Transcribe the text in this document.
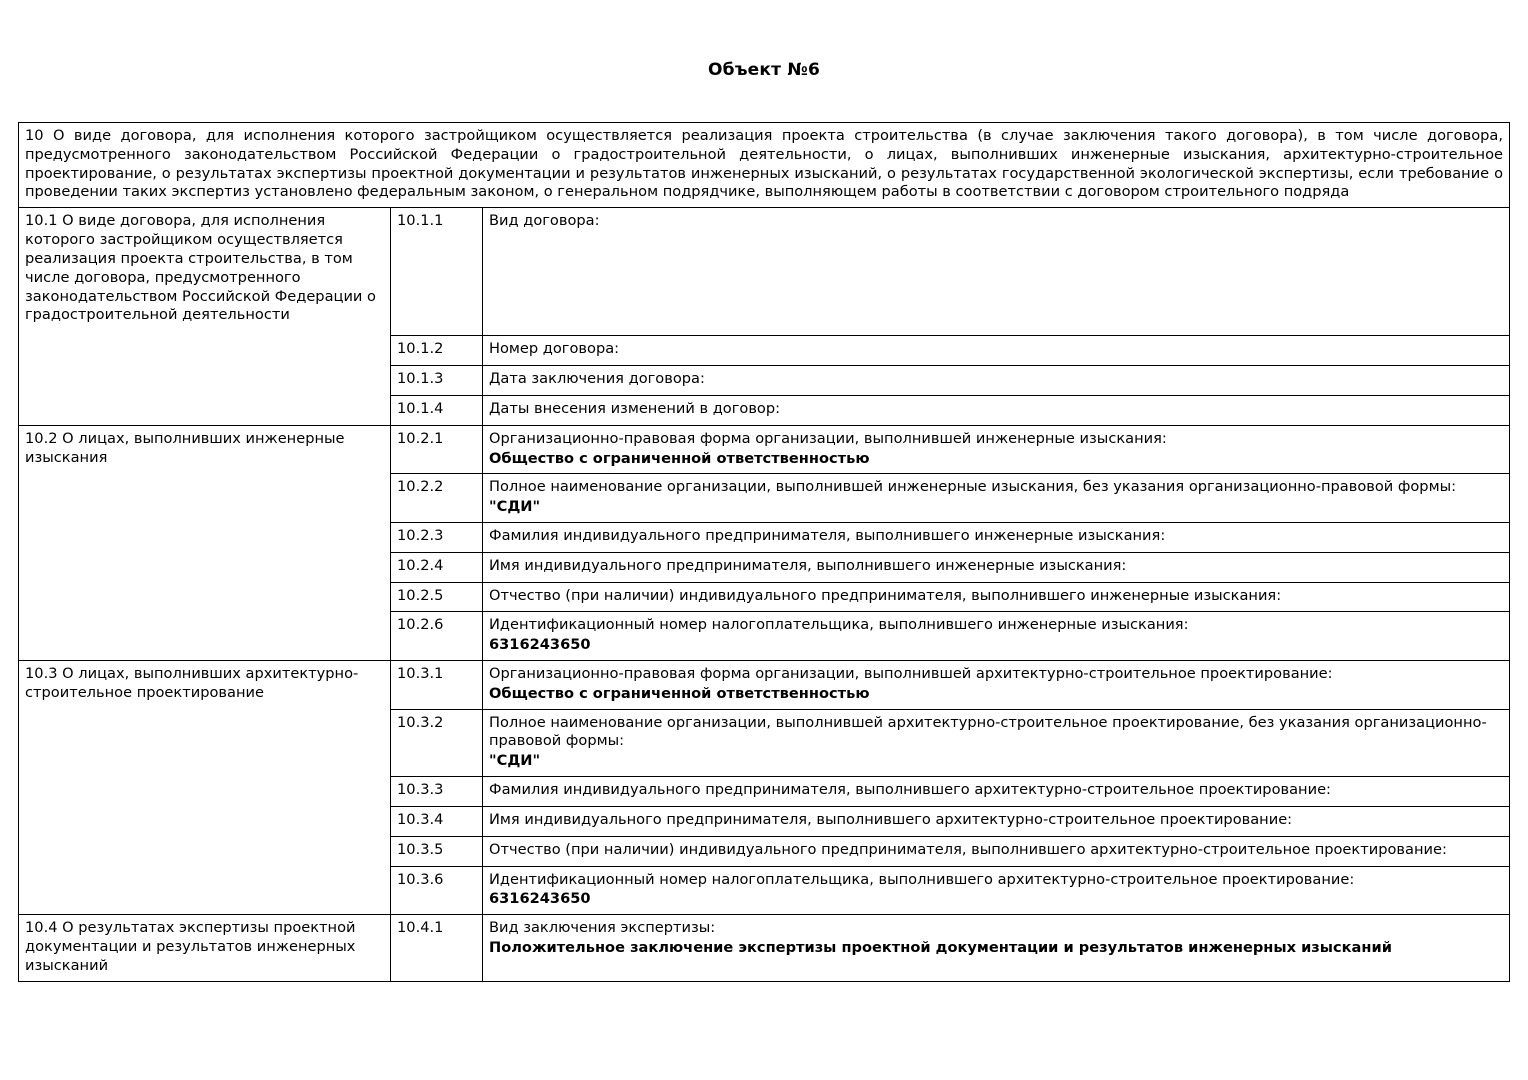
Объект №6
10 О виде договора, для исполнения которого застройщиком осуществляется реализация проекта строительства (в случае заключения такого договора), в том числе договора, предусмотренного законодательством Российской Федерации о градостроительной деятельности, о лицах, выполнивших инженерные изыскания, архитектурно-строительное проектирование, о результатах экспертизы проектной документации и результатов инженерных изысканий, о результатах государственной экологической экспертизы, если требование о проведении таких экспертиз установлено федеральным законом, о генеральном подрядчике, выполняющем работы в соответствии с договором строительного подряда		
10.1 О виде договора, для исполнения которого застройщиком осуществляется реализация проекта строительства, в том числе договора, предусмотренного законодательством Российской Федерации о градостроительной деятельности	10.1.1	Вид договора:

	10.1.2	Номер договора:

	10.1.3	Дата заключения договора:

	10.1.4	Даты внесения изменений в договор:

10.2 О лицах, выполнивших инженерные изыскания	10.2.1	Организационно-правовая форма организации, выполнившей инженерные изыскания:
Общество с ограниченной ответственностью

	10.2.2	Полное наименование организации, выполнившей инженерные изыскания, без указания организационно-правовой формы:
"СДИ"

	10.2.3	Фамилия индивидуального предпринимателя, выполнившего инженерные изыскания:

	10.2.4	Имя индивидуального предпринимателя, выполнившего инженерные изыскания:

	10.2.5	Отчество (при наличии) индивидуального предпринимателя, выполнившего инженерные изыскания:

	10.2.6	Идентификационный номер налогоплательщика, выполнившего инженерные изыскания:
6316243650

10.3 О лицах, выполнивших архитектурно-строительное проектирование	10.3.1	Организационно-правовая форма организации, выполнившей архитектурно-строительное проектирование:
Общество с ограниченной ответственностью

	10.3.2	Полное наименование организации, выполнившей архитектурно-строительное проектирование, без указания организационно-правовой формы:
"СДИ"

	10.3.3	Фамилия индивидуального предпринимателя, выполнившего архитектурно-строительное проектирование:

	10.3.4	Имя индивидуального предпринимателя, выполнившего архитектурно-строительное проектирование:

	10.3.5	Отчество (при наличии) индивидуального предпринимателя, выполнившего архитектурно-строительное проектирование:

	10.3.6	Идентификационный номер налогоплательщика, выполнившего архитектурно-строительное проектирование:
6316243650

10.4 О результатах экспертизы проектной документации и результатов инженерных изысканий	10.4.1	Вид заключения экспертизы:
Положительное заключение экспертизы проектной документации и результатов инженерных изысканий
